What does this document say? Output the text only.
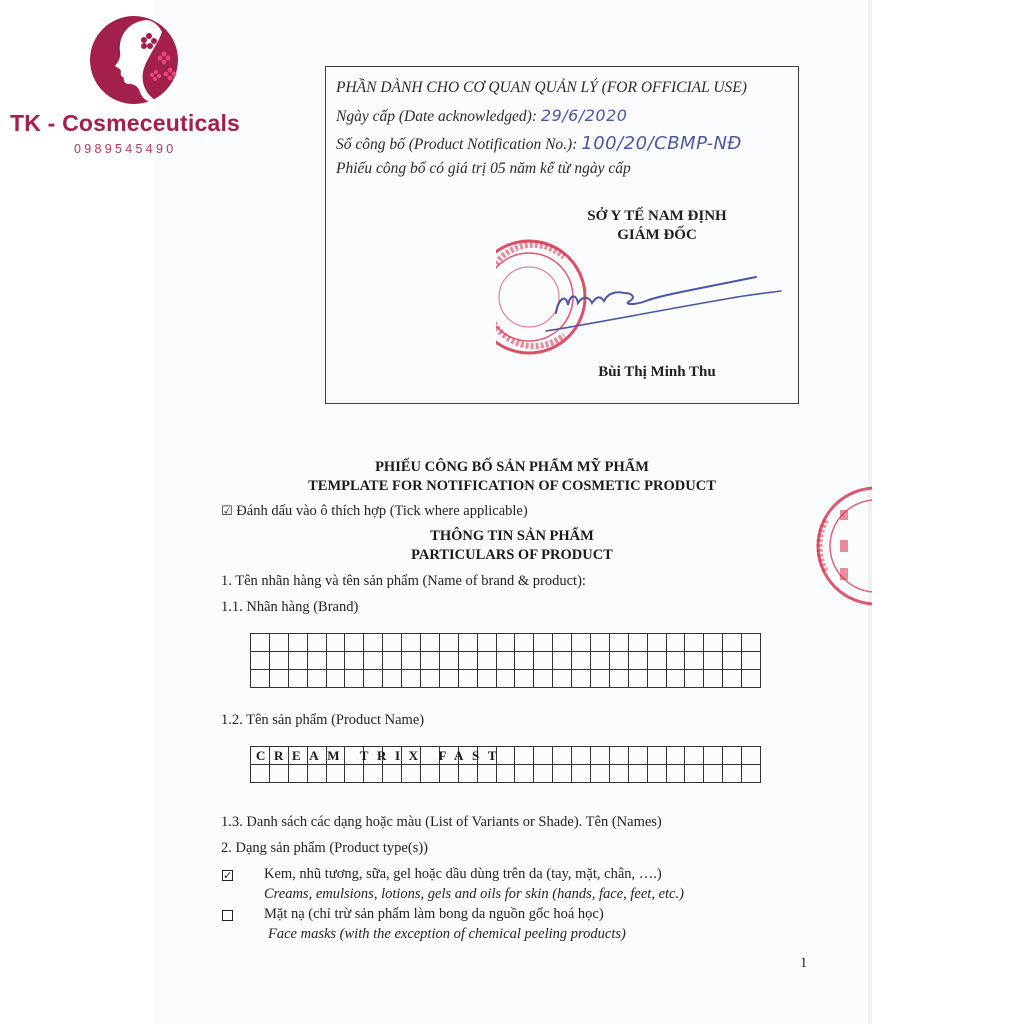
TK - Cosmeceuticals
0989545490
PHẦN DÀNH CHO CƠ QUAN QUẢN LÝ (FOR OFFICIAL USE)
Ngày cấp (Date acknowledged): 29/6/2020
Số công bố (Product Notification No.): 100/20/CBMP-NĐ
Phiếu công bố có giá trị 05 năm kể từ ngày cấp
SỞ Y TẾ NAM ĐỊNH
GIÁM ĐỐC
Bùi Thị Minh Thu
PHIẾU CÔNG BỐ SẢN PHẨM MỸ PHẨM
TEMPLATE FOR NOTIFICATION OF COSMETIC PRODUCT
☑ Đánh dấu vào ô thích hợp (Tick where applicable)
THÔNG TIN SẢN PHẨM
PARTICULARS OF PRODUCT
1. Tên nhãn hàng và tên sản phẩm (Name of brand & product):
1.1. Nhãn hàng (Brand)
1.2. Tên sản phẩm (Product Name)
CREAM TRIX FAST
1.3. Danh sách các dạng hoặc màu (List of Variants or Shade). Tên (Names)
2. Dạng sản phẩm (Product type(s))
✓ Kem, nhũ tương, sữa, gel hoặc dầu dùng trên da (tay, mặt, chân, ….)
Creams, emulsions, lotions, gels and oils for skin (hands, face, feet, etc.)
Mặt nạ (chỉ trừ sản phẩm làm bong da nguồn gốc hoá học)
Face masks (with the exception of chemical peeling products)
1
